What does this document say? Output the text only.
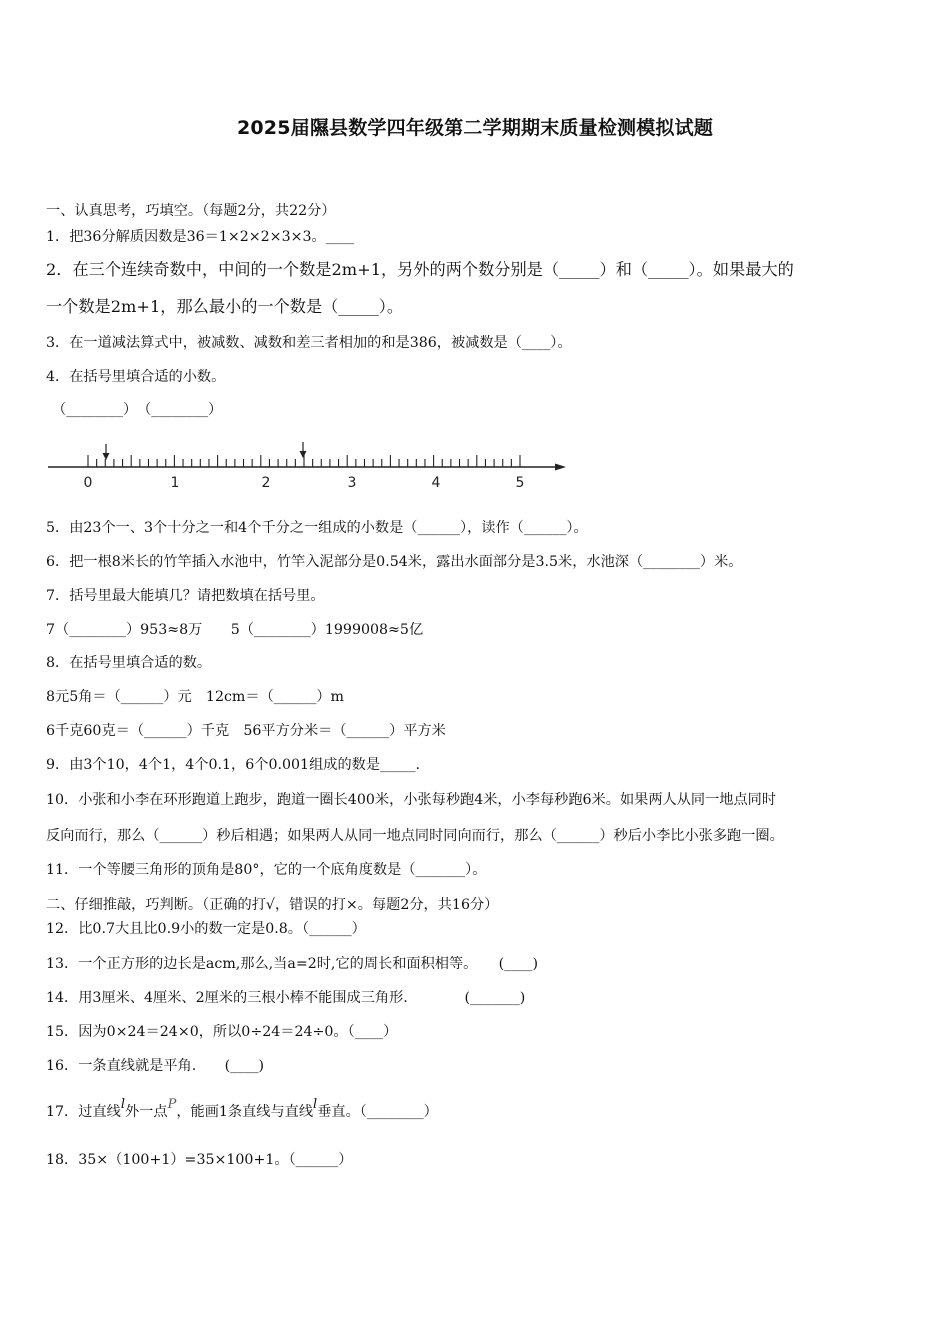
2025届隰县数学四年级第二学期期末质量检测模拟试题
一、认真思考，巧填空。（每题2分，共22分）
1．把36分解质因数是36＝1×2×2×3×3。____
2．在三个连续奇数中，中间的一个数是2m+1，另外的两个数分别是（_____）和（_____）。如果最大的
一个数是2m+1，那么最小的一个数是（_____）。
3．在一道减法算式中，被减数、减数和差三者相加的和是386，被减数是（____）。
4．在括号里填合适的小数。
（________）　（________）
0	1	2	3	4	5
5．由23个一、3个十分之一和4个千分之一组成的小数是（______），读作（______）。
6．把一根8米长的竹竿插入水池中，竹竿入泥部分是0.54米，露出水面部分是3.5米，水池深（________）米。
7．括号里最大能填几？请把数填在括号里。
7（________）953≈8万　　5（________）1999008≈5亿
8．在括号里填合适的数。
8元5角＝（______）元　12cm＝（______）m
6千克60克＝（______）千克　56平方分米＝（______）平方米
9．由3个10，4个1，4个0.1，6个0.001组成的数是_____.
10．小张和小李在环形跑道上跑步，跑道一圈长400米，小张每秒跑4米，小李每秒跑6米。如果两人从同一地点同时
反向而行，那么（______）秒后相遇；如果两人从同一地点同时同向而行，那么（______）秒后小李比小张多跑一圈。
11．一个等腰三角形的顶角是80°，它的一个底角度数是（_______）。
二、仔细推敲，巧判断。（正确的打√，错误的打×。每题2分，共16分）
12．比0.7大且比0.9小的数一定是0.8。（______）
13．一个正方形的边长是acm,那么,当a=2时,它的周长和面积相等。　　(____)
14．用3厘米、4厘米、2厘米的三根小棒不能围成三角形.　　　　(_______)
15．因为0×24＝24×0，所以0÷24＝24÷0。（____）
16．一条直线就是平角.　　(____)
17．过直线l外一点P，能画1条直线与直线l垂直。（________）
18．35×（100+1）=35×100+1。（______）
